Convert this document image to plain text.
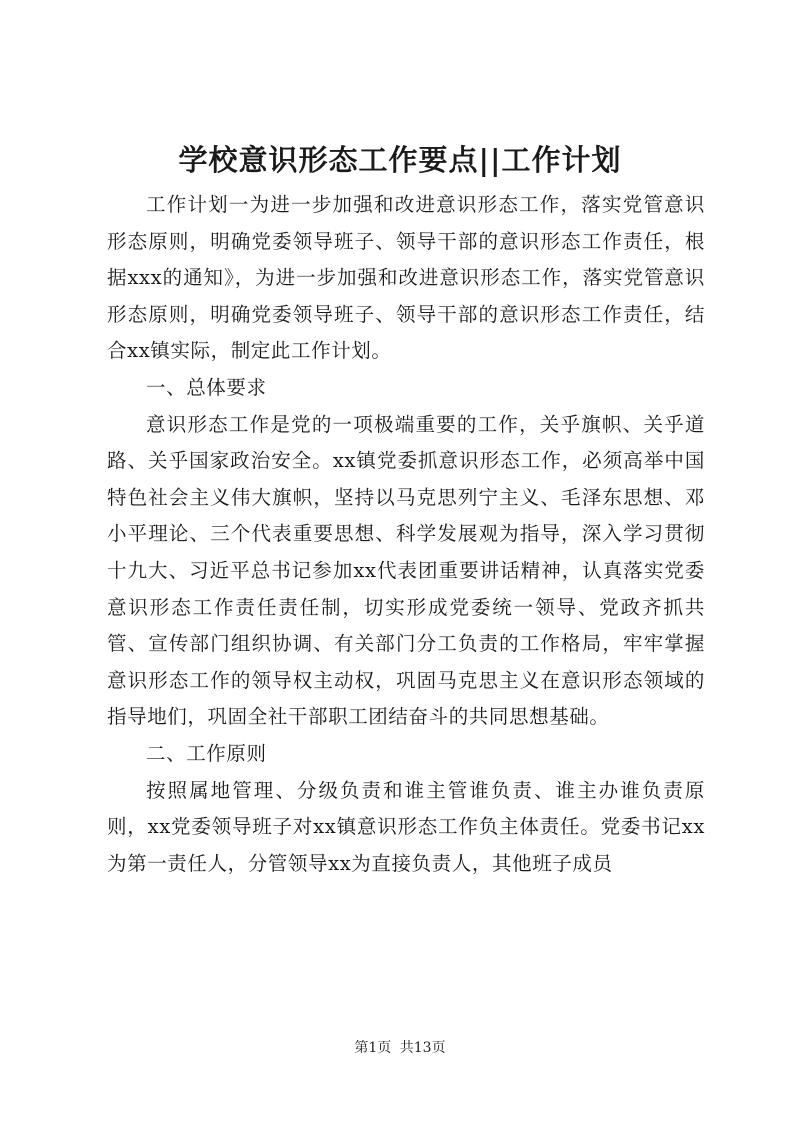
学校意识形态工作要点||工作计划

工作计划一为进一步加强和改进意识形态工作，落实党管意识形态原则，明确党委领导班子、领导干部的意识形态工作责任，根据xxx的通知》，为进一步加强和改进意识形态工作，落实党管意识形态原则，明确党委领导班子、领导干部的意识形态工作责任，结合xx镇实际，制定此工作计划。

一、总体要求

意识形态工作是党的一项极端重要的工作，关乎旗帜、关乎道路、关乎国家政治安全。xx镇党委抓意识形态工作，必须高举中国特色社会主义伟大旗帜，坚持以马克思列宁主义、毛泽东思想、邓小平理论、三个代表重要思想、科学发展观为指导，深入学习贯彻十九大、习近平总书记参加xx代表团重要讲话精神，认真落实党委意识形态工作责任责任制，切实形成党委统一领导、党政齐抓共管、宣传部门组织协调、有关部门分工负责的工作格局，牢牢掌握意识形态工作的领导权主动权，巩固马克思主义在意识形态领域的指导地们，巩固全社干部职工团结奋斗的共同思想基础。

二、工作原则

按照属地管理、分级负责和谁主管谁负责、谁主办谁负责原则，xx党委领导班子对xx镇意识形态工作负主体责任。党委书记xx为第一责任人，分管领导xx为直接负责人，其他班子成员

第1页 共13页
